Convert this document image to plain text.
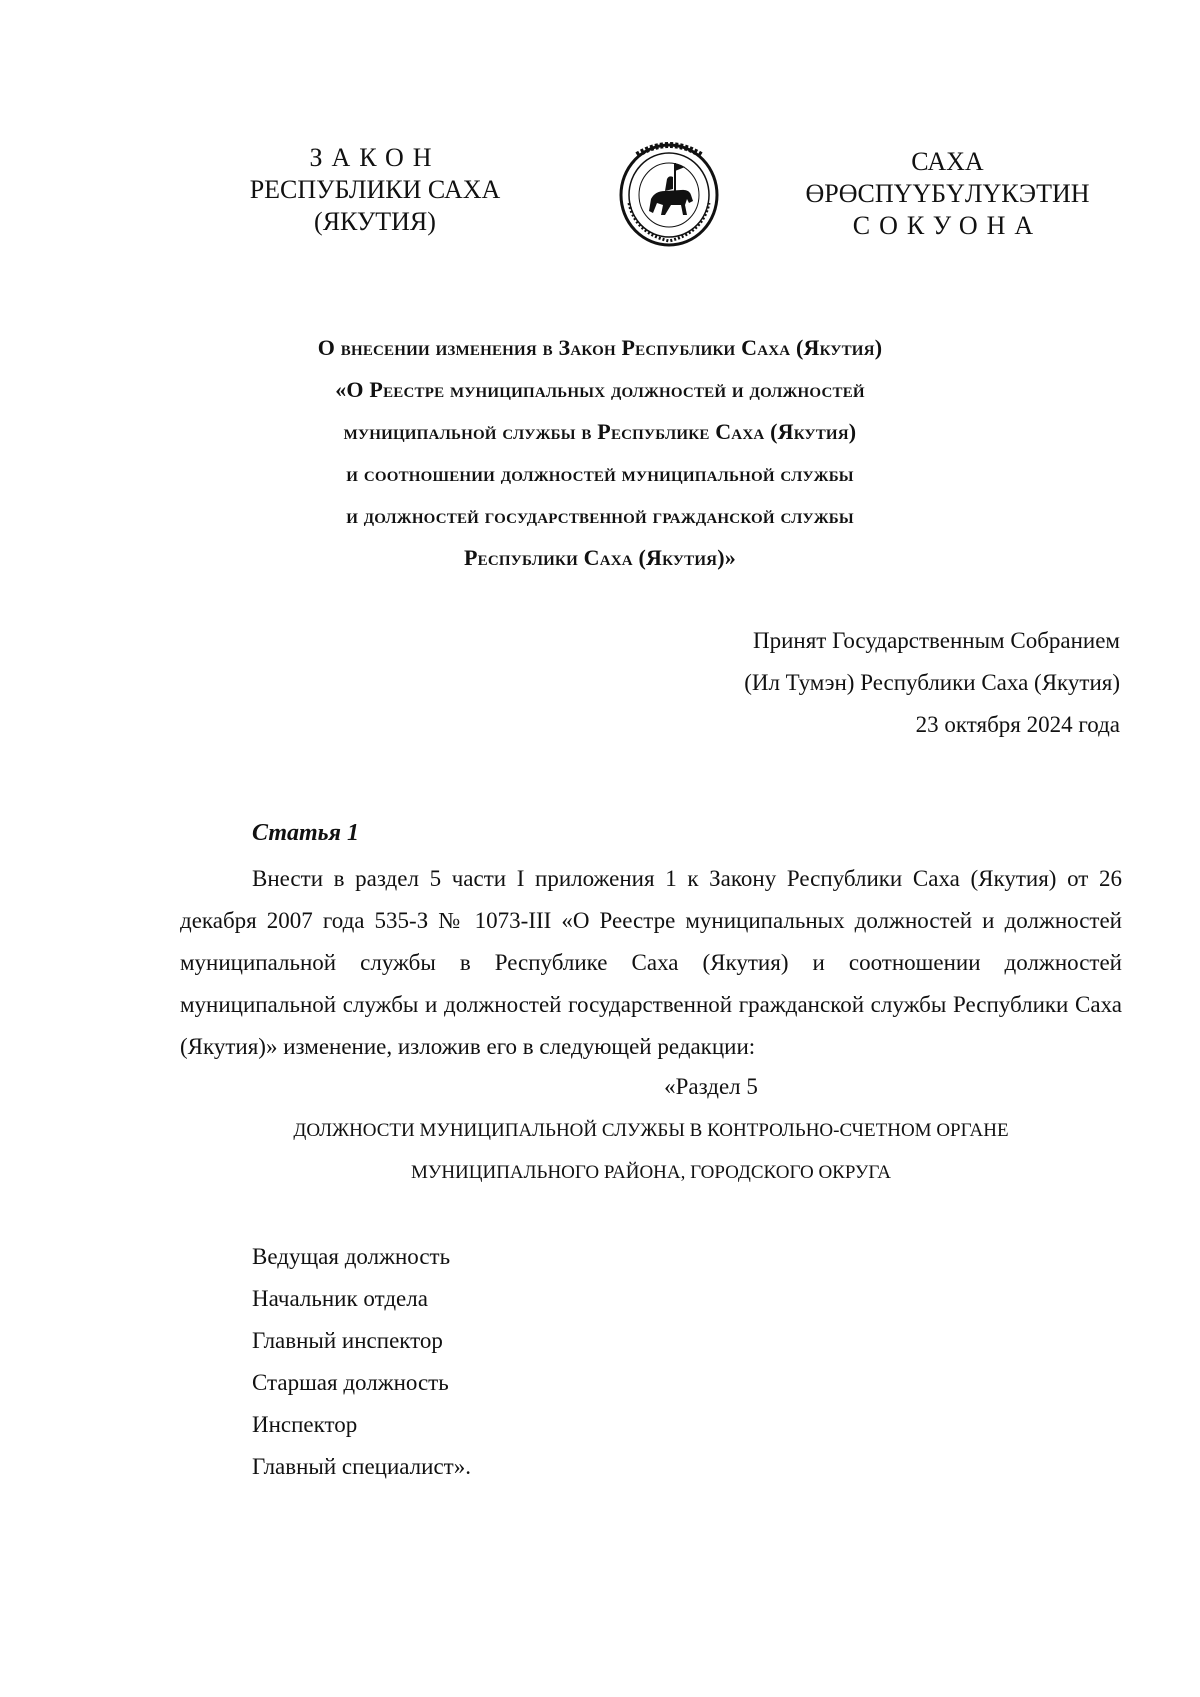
ЗАКОН
РЕСПУБЛИКИ САХА (ЯКУТИЯ)
САХА ӨРӨСПҮҮБҮЛҮКЭТИН
СОКУОНА
О внесении изменения в Закон Республики Саха (Якутия)
«О Реестре муниципальных должностей и должностей
муниципальной службы в Республике Саха (Якутия)
и соотношении должностей муниципальной службы
и должностей государственной гражданской службы
Республики Саха (Якутия)»
Принят Государственным Собранием
(Ил Тумэн) Республики Саха (Якутия)
23 октября 2024 года
Статья 1

Внести в раздел 5 части I приложения 1 к Закону Республики Саха (Якутия) от 26 декабря 2007 года 535-З № 1073-III «О Реестре муниципальных должностей и должностей муниципальной службы в Республике Саха (Якутия) и соотношении должностей муниципальной службы и должностей государственной гражданской службы Республики Саха (Якутия)» изменение, изложив его в следующей редакции:

«Раздел 5
ДОЛЖНОСТИ МУНИЦИПАЛЬНОЙ СЛУЖБЫ В КОНТРОЛЬНО-СЧЕТНОМ ОРГАНЕ
МУНИЦИПАЛЬНОГО РАЙОНА, ГОРОДСКОГО ОКРУГА
Ведущая должность
Начальник отдела
Главный инспектор
Старшая должность
Инспектор
Главный специалист».
